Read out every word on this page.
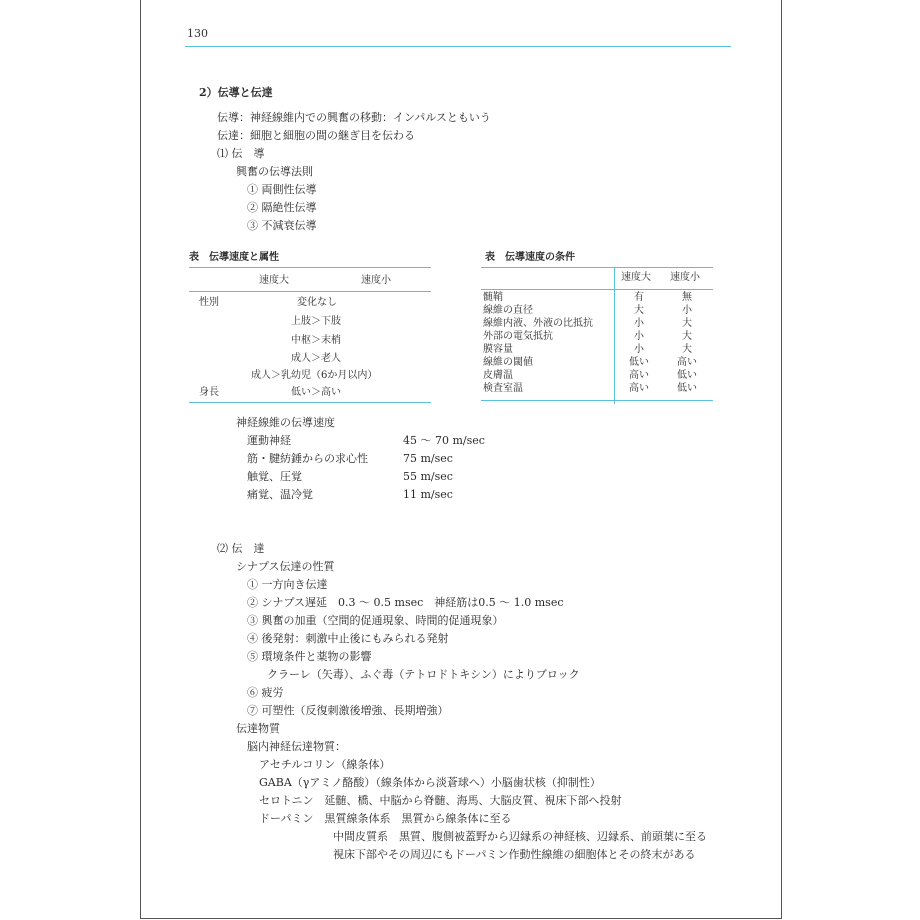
130
2）伝導と伝達
伝導：神経線維内での興奮の移動：インパルスともいう
伝達：細胞と細胞の間の継ぎ目を伝わる
⑴ 伝　導
興奮の伝導法則
① 両側性伝導
② 隔絶性伝導
③ 不減衰伝導
表　伝導速度と属性
速度大	速度小
性別	変化なし
上肢＞下肢
中枢＞末梢
成人＞老人
成人＞乳幼児（6か月以内）
身長	低い＞高い
表　伝導速度の条件
速度大 速度小
髄鞘	有	無
線維の直径	大	小
線維内液、外液の比抵抗	小	大
外部の電気抵抗	小	大
膜容量	小	大
線維の閾値	低い	高い
皮膚温	高い	低い
検査室温	高い	低い
神経線維の伝導速度
運動神経	45 ～ 70 m/sec
筋・腱紡錘からの求心性	75 m/sec
触覚、圧覚	55 m/sec
痛覚、温冷覚	11 m/sec
⑵ 伝　達
シナプス伝達の性質
① 一方向き伝達
② シナプス遅延　0.3 ～ 0.5 msec　神経筋は0.5 ～ 1.0 msec
③ 興奮の加重（空間的促通現象、時間的促通現象）
④ 後発射：刺激中止後にもみられる発射
⑤ 環境条件と薬物の影響
クラーレ（矢毒）、ふぐ毒（テトロドトキシン）によりブロック
⑥ 疲労
⑦ 可塑性（反復刺激後増強、長期増強）
伝達物質
脳内神経伝達物質：
アセチルコリン（線条体）
GABA（γアミノ酪酸）（線条体から淡蒼球へ）小脳歯状核（抑制性）
セロトニン　延髄、橋、中脳から脊髄、海馬、大脳皮質、視床下部へ投射
ドーパミン　黒質線条体系　黒質から線条体に至る
中間皮質系　黒質、腹側被蓋野から辺縁系の神経核、辺縁系、前頭葉に至る
視床下部やその周辺にもドーパミン作動性線維の細胞体とその終末がある
